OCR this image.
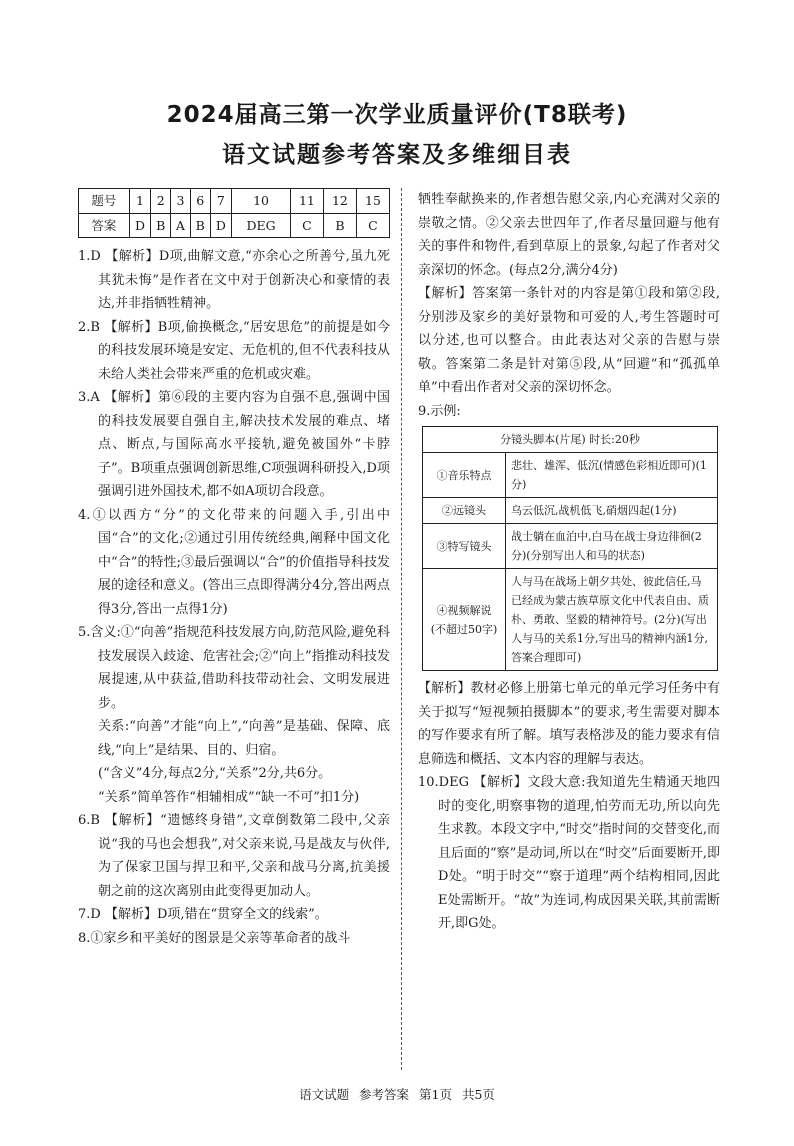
2024届高三第一次学业质量评价(T8联考)
语文试题参考答案及多维细目表
题号	1	2	3	6	7	10	11	12	15
答案	D	B	A	B	D	DEG	C	B	C

1.D 【解析】D项,曲解文意,“亦余心之所善兮,虽九死其犹未悔”是作者在文中对于创新决心和豪情的表达,并非指牺牲精神。

2.B 【解析】B项,偷换概念,“居安思危”的前提是如今的科技发展环境是安定、无危机的,但不代表科技从未给人类社会带来严重的危机或灾难。

3.A 【解析】第⑥段的主要内容为自强不息,强调中国的科技发展要自强自主,解决技术发展的难点、堵点、断点,与国际高水平接轨,避免被国外“卡脖子”。B项重点强调创新思维,C项强调科研投入,D项强调引进外国技术,都不如A项切合段意。

4.①以西方“分”的文化带来的问题入手,引出中国“合”的文化;②通过引用传统经典,阐释中国文化中“合”的特性;③最后强调以“合”的价值指导科技发展的途径和意义。(答出三点即得满分4分,答出两点得3分,答出一点得1分)

5.含义:①“向善”指规范科技发展方向,防范风险,避免科技发展误入歧途、危害社会;②“向上”指推动科技发展提速,从中获益,借助科技带动社会、文明发展进步。

关系:“向善”才能“向上”,“向善”是基础、保障、底线,“向上”是结果、目的、归宿。

(“含义”4分,每点2分,“关系”2分,共6分。

“关系”简单答作“相辅相成”“缺一不可”扣1分)

6.B 【解析】“遗憾终身错”,文章倒数第二段中,父亲说“我的马也会想我”,对父亲来说,马是战友与伙伴,为了保家卫国与捍卫和平,父亲和战马分离,抗美援朝之前的这次离别由此变得更加动人。

7.D 【解析】D项,错在“贯穿全文的线索”。

8.①家乡和平美好的图景是父亲等革命者的战斗

牺牲奉献换来的,作者想告慰父亲,内心充满对父亲的崇敬之情。②父亲去世四年了,作者尽量回避与他有关的事件和物件,看到草原上的景象,勾起了作者对父亲深切的怀念。(每点2分,满分4分)

【解析】答案第一条针对的内容是第①段和第②段,分别涉及家乡的美好景物和可爱的人,考生答题时可以分述,也可以整合。由此表达对父亲的告慰与崇敬。答案第二条是针对第⑤段,从“回避”和“孤孤单单”中看出作者对父亲的深切怀念。

9.示例:

分镜头脚本(片尾) 时长:20秒	
①音乐特点	悲壮、雄浑、低沉(情感色彩相近即可)(1分)
②远镜头	乌云低沉,战机低飞,硝烟四起(1分)
③特写镜头	战士躺在血泊中,白马在战士身边徘徊(2分)(分别写出人和马的状态)

④视频解说
(不超过50字)	人与马在战场上朝夕共处、彼此信任,马已经成为蒙古族草原文化中代表自由、质朴、勇敢、坚毅的精神符号。(2分)(写出人与马的关系1分,写出马的精神内涵1分,答案合理即可)

【解析】教材必修上册第七单元的单元学习任务中有关于拟写“短视频拍摄脚本”的要求,考生需要对脚本的写作要求有所了解。填写表格涉及的能力要求有信息筛选和概括、文本内容的理解与表达。

10.DEG 【解析】文段大意:我知道先生精通天地四时的变化,明察事物的道理,怕劳而无功,所以向先生求教。本段文字中,“时交”指时间的交替变化,而且后面的“察”是动词,所以在“时交”后面要断开,即D处。“明于时交”“察于道理”两个结构相同,因此E处需断开。“故”为连词,构成因果关联,其前需断开,即G处。

语文试题 参考答案 第1页 共5页
